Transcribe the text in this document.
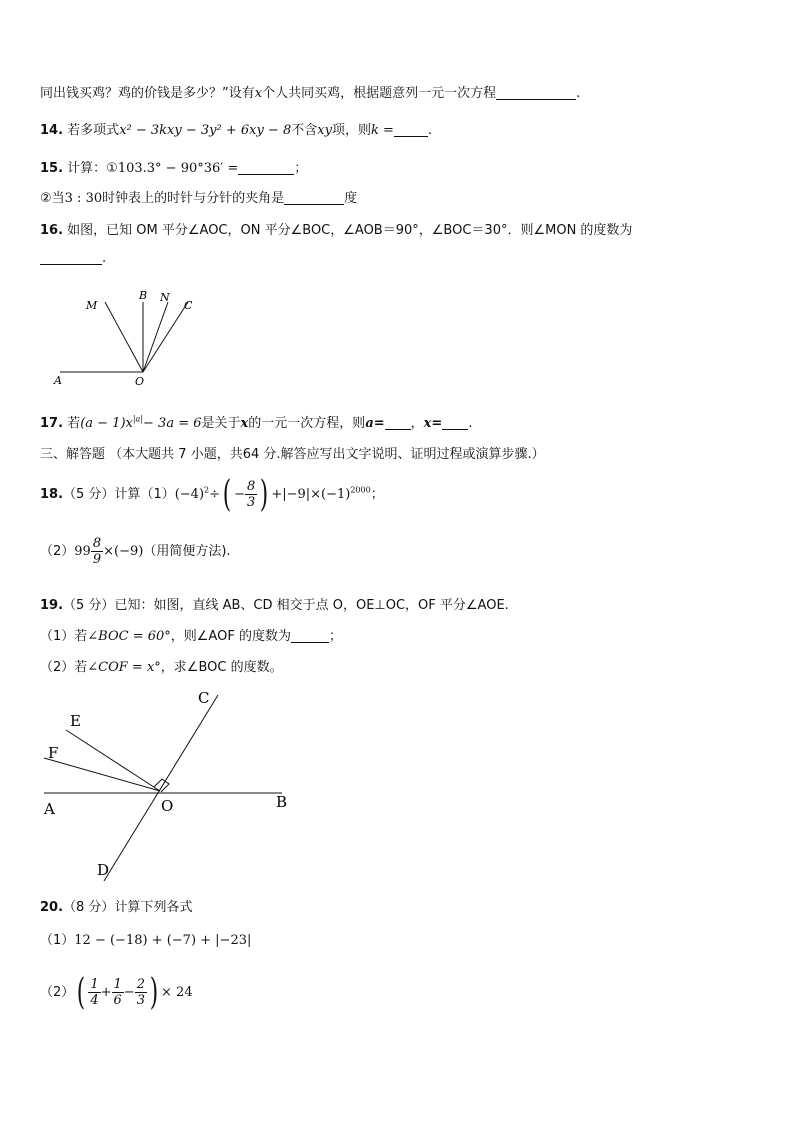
同出钱买鸡？鸡的价钱是多少？”设有x个人共同买鸡，根据题意列一元一次方程	.
14. 若多项式x² − 3kxy − 3y² + 6xy − 8不含xy项，则k =	.
15. 计算：①103.3° − 90°36′ =	；
②当3 : 30时钟表上的时针与分针的夹角是	度
16. 如图，已知 OM 平分∠AOC，ON 平分∠BOC，∠AOB＝90°，∠BOC＝30°．则∠MON 的度数为
.
M
B N
C
A	O
17. 若$(a - 1)x^{|a|}- 3a = 6$是关于x的一元一次方程，则a= ，x= .
三、解答题 （本大题共 7 小题，共64 分.解答应写出文字说明、证明过程或演算步骤.）
18.（5 分）计算$(1)(-4)^2\div( - \frac{8}{3}$ ) $+|-9|\times(-1)^{2000}$；
$(2)99 \frac{8}{9} \times(-9)$（用简便方法).
19.（5 分）已知：如图，直线 AB、CD 相交于点 O，OE⊥OC，OF 平分∠AOE.
（1）若∠BOC = 60°，则∠AOF 的度数为	；
（2）若∠COF = x°，求∠BOC 的度数。
C
E
F
A	O	B
D
20.（8 分）计算下列各式
（1）12 − (−18) + (−7) + |−23|
$(2)( \frac{1}{4} + \frac{1}{6} - \frac{2}{3}$ ) × 24
